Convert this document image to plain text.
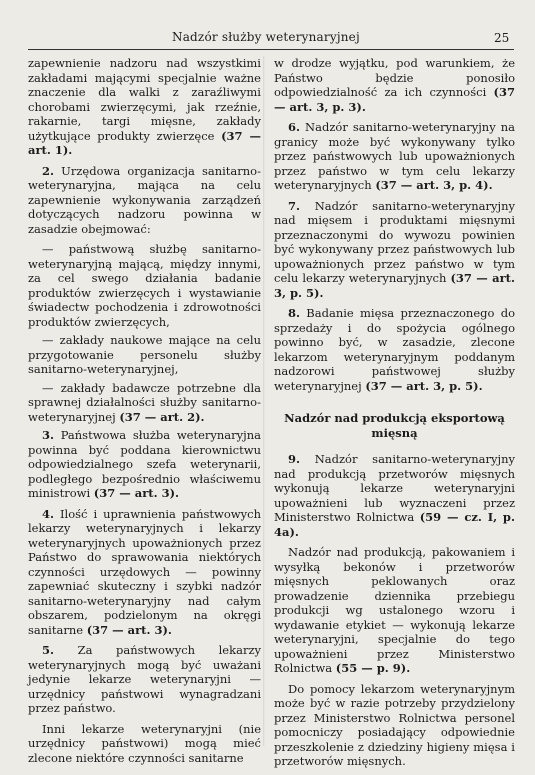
Nadzór służby weterynaryjnej	25

zapewnienie nadzoru nad wszystkimi zakładami mającymi specjalnie ważne znaczenie dla walki z zaraźliwymi chorobami zwierzęcymi, jak rzeźnie, rakarnie, targi mięsne, zakłady użytkujące produkty zwierzęce (37 — art. 1).

2. Urzędowa organizacja sanitarno-weterynaryjna, mająca na celu zapewnienie wykonywania zarządzeń dotyczących nadzoru powinna w zasadzie obejmować:

— państwową służbę sanitarno-weterynaryjną mającą, między innymi, za cel swego działania badanie produktów zwierzęcych i wystawianie świadectw pochodzenia i zdrowotności produktów zwierzęcych,

— zakłady naukowe mające na celu przygotowanie personelu służby sanitarno-weterynaryjnej,

— zakłady badawcze potrzebne dla sprawnej działalności służby sanitarno-weterynaryjnej (37 — art. 2).

3. Państwowa służba weterynaryjna powinna być poddana kierownictwu odpowiedzialnego szefa weterynarii, podległego bezpośrednio właściwemu ministrowi (37 — art. 3).

4. Ilość i uprawnienia państwowych lekarzy weterynaryjnych i lekarzy weterynaryjnych upoważnionych przez Państwo do sprawowania niektórych czynności urzędowych — powinny zapewniać skuteczny i szybki nadzór sanitarno-weterynaryjny nad całym obszarem, podzielonym na okręgi sanitarne (37 — art. 3).

5. Za państwowych lekarzy weterynaryjnych mogą być uważani jedynie lekarze weterynaryjni — urzędnicy państwowi wynagradzani przez państwo.

Inni lekarze weterynaryjni (nie urzędnicy państwowi) mogą mieć zlecone niektóre czynności sanitarne

w drodze wyjątku, pod warunkiem, że Państwo będzie ponosiło odpowiedzialność za ich czynności (37 — art. 3, p. 3).

6. Nadzór sanitarno-weterynaryjny na granicy może być wykonywany tylko przez państwowych lub upoważnionych przez państwo w tym celu lekarzy weterynaryjnych (37 — art. 3, p. 4).

7. Nadzór sanitarno-weterynaryjny nad mięsem i produktami mięsnymi przeznaczonymi do wywozu powinien być wykonywany przez państwowych lub upoważnionych przez państwo w tym celu lekarzy weterynaryjnych (37 — art. 3, p. 5).

8. Badanie mięsa przeznaczonego do sprzedaży i do spożycia ogólnego powinno być, w zasadzie, zlecone lekarzom weterynaryjnym poddanym nadzorowi państwowej służby weterynaryjnej (37 — art. 3, p. 5).

Nadzór nad produkcją eksportową mięsną

9. Nadzór sanitarno-weterynaryjny nad produkcją przetworów mięsnych wykonują lekarze weterynaryjni upoważnieni lub wyznaczeni przez Ministerstwo Rolnictwa (59 — cz. I, p. 4a).

Nadzór nad produkcją, pakowaniem i wysyłką bekonów i przetworów mięsnych peklowanych oraz prowadzenie dziennika przebiegu produkcji wg ustalonego wzoru i wydawanie etykiet — wykonują lekarze weterynaryjni, specjalnie do tego upoważnieni przez Ministerstwo Rolnictwa (55 — p. 9).

Do pomocy lekarzom weterynaryjnym może być w razie potrzeby przydzielony przez Ministerstwo Rolnictwa personel pomocniczy posiadający odpowiednie przeszkolenie z dziedziny higieny mięsa i przetworów mięsnych.
